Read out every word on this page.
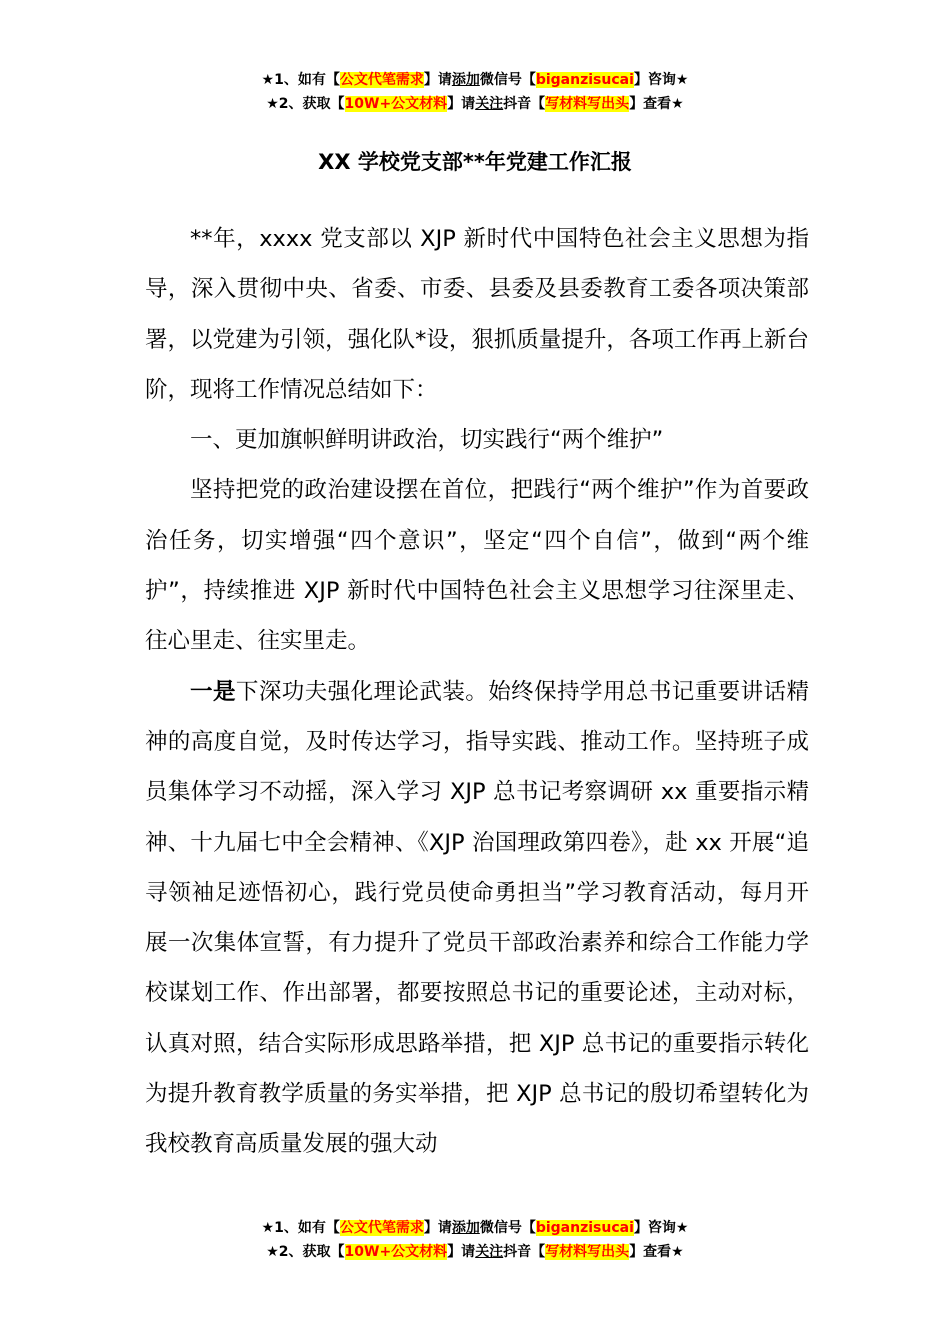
★1、如有【公文代笔需求】请添加微信号【biganzisucai】咨询★
★2、获取【10W+公文材料】请关注抖音【写材料写出头】查看★
XX 学校党支部**年党建工作汇报

**年，xxxx 党支部以 XJP 新时代中国特色社会主义思想为指导，深入贯彻中央、省委、市委、县委及县委教育工委各项决策部署，以党建为引领，强化队*设，狠抓质量提升，各项工作再上新台阶，现将工作情况总结如下：

一、更加旗帜鲜明讲政治，切实践行“两个维护”

坚持把党的政治建设摆在首位，把践行“两个维护”作为首要政治任务，切实增强“四个意识”，坚定“四个自信”，做到“两个维护”，持续推进 XJP 新时代中国特色社会主义思想学习往深里走、往心里走、往实里走。

一是下深功夫强化理论武装。始终保持学用总书记重要讲话精神的高度自觉，及时传达学习，指导实践、推动工作。坚持班子成员集体学习不动摇，深入学习 XJP 总书记考察调研 xx 重要指示精神、十九届七中全会精神、《XJP 治国理政第四卷》，赴 xx 开展“追寻领袖足迹悟初心，践行党员使命勇担当”学习教育活动，每月开展一次集体宣誓，有力提升了党员干部政治素养和综合工作能力学校谋划工作、作出部署，都要按照总书记的重要论述，主动对标，认真对照，结合实际形成思路举措，把 XJP 总书记的重要指示转化为提升教育教学质量的务实举措，把 XJP 总书记的殷切希望转化为我校教育高质量发展的强大动

★1、如有【公文代笔需求】请添加微信号【biganzisucai】咨询★
★2、获取【10W+公文材料】请关注抖音【写材料写出头】查看★
